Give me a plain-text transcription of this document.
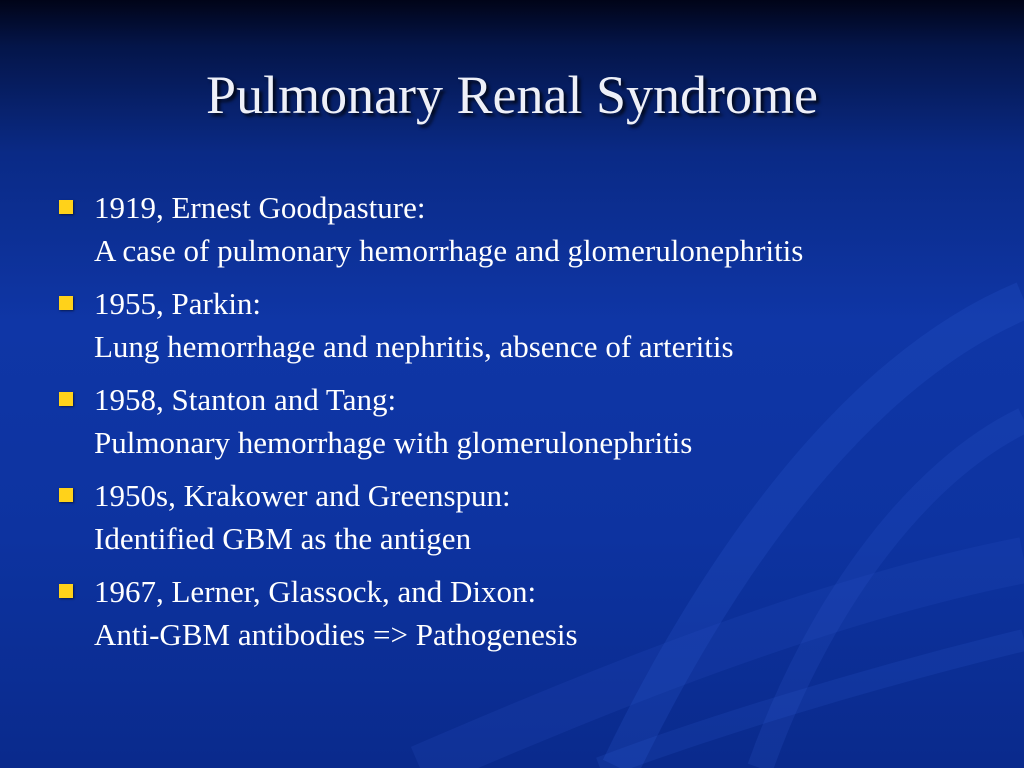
Pulmonary Renal Syndrome
1919, Ernest Goodpasture:
A case of pulmonary hemorrhage and glomerulonephritis
1955, Parkin:
Lung hemorrhage and nephritis, absence of arteritis
1958, Stanton and Tang:
Pulmonary hemorrhage with glomerulonephritis
1950s, Krakower and Greenspun:
Identified GBM as the antigen
1967, Lerner, Glassock, and Dixon:
Anti-GBM antibodies => Pathogenesis
